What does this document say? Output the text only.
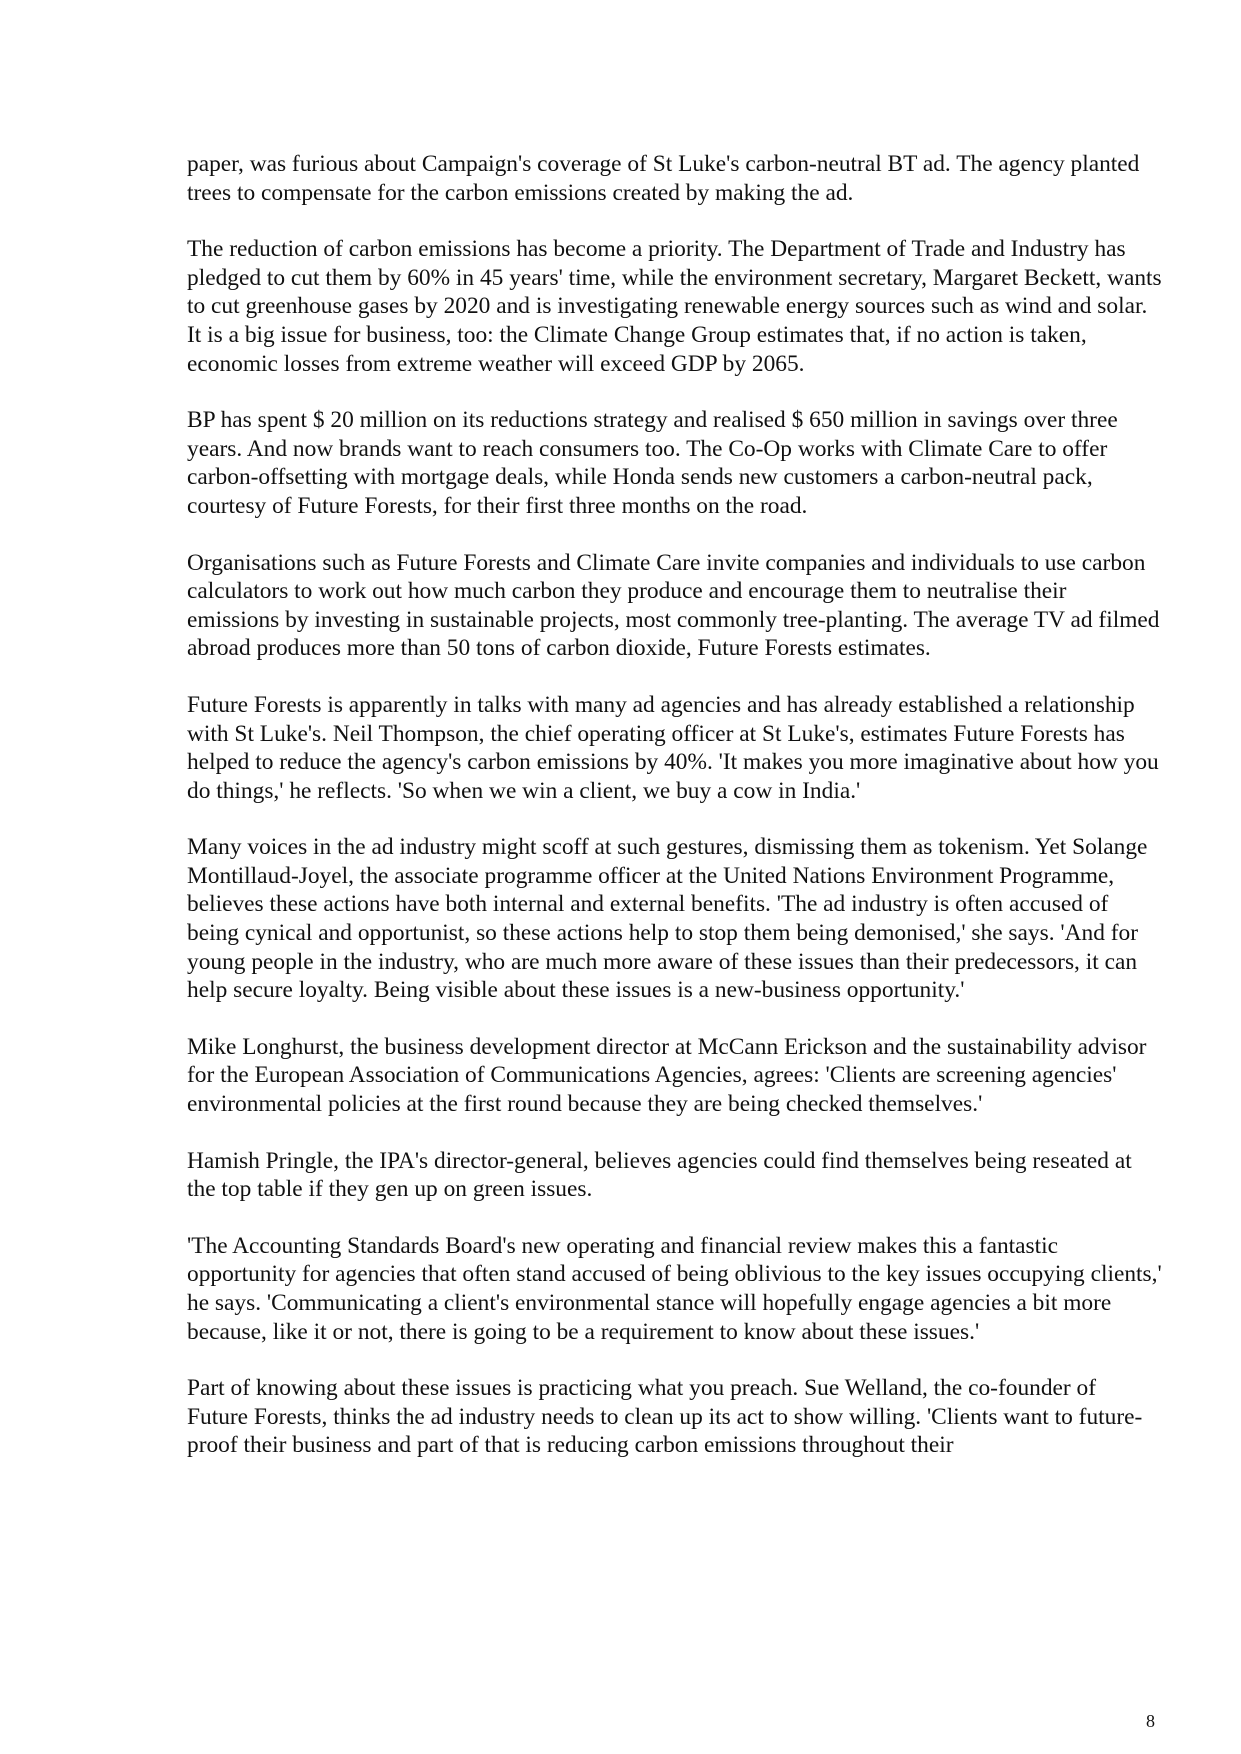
paper, was furious about Campaign's coverage of St Luke's carbon-neutral BT ad. The agency planted trees to compensate for the carbon emissions created by making the ad.

The reduction of carbon emissions has become a priority. The Department of Trade and Industry has pledged to cut them by 60% in 45 years' time, while the environment secretary, Margaret Beckett, wants to cut greenhouse gases by 2020 and is investigating renewable energy sources such as wind and solar. It is a big issue for business, too: the Climate Change Group estimates that, if no action is taken, economic losses from extreme weather will exceed GDP by 2065.

BP has spent $ 20 million on its reductions strategy and realised $ 650 million in savings over three years. And now brands want to reach consumers too. The Co-Op works with Climate Care to offer carbon-offsetting with mortgage deals, while Honda sends new customers a carbon-neutral pack, courtesy of Future Forests, for their first three months on the road.

Organisations such as Future Forests and Climate Care invite companies and individuals to use carbon calculators to work out how much carbon they produce and encourage them to neutralise their emissions by investing in sustainable projects, most commonly tree-planting. The average TV ad filmed abroad produces more than 50 tons of carbon dioxide, Future Forests estimates.

Future Forests is apparently in talks with many ad agencies and has already established a relationship with St Luke's. Neil Thompson, the chief operating officer at St Luke's, estimates Future Forests has helped to reduce the agency's carbon emissions by 40%. 'It makes you more imaginative about how you do things,' he reflects. 'So when we win a client, we buy a cow in India.'

Many voices in the ad industry might scoff at such gestures, dismissing them as tokenism. Yet Solange Montillaud-Joyel, the associate programme officer at the United Nations Environment Programme, believes these actions have both internal and external benefits. 'The ad industry is often accused of being cynical and opportunist, so these actions help to stop them being demonised,' she says. 'And for young people in the industry, who are much more aware of these issues than their predecessors, it can help secure loyalty. Being visible about these issues is a new-business opportunity.'

Mike Longhurst, the business development director at McCann Erickson and the sustainability advisor for the European Association of Communications Agencies, agrees: 'Clients are screening agencies' environmental policies at the first round because they are being checked themselves.'

Hamish Pringle, the IPA's director-general, believes agencies could find themselves being reseated at the top table if they gen up on green issues.

'The Accounting Standards Board's new operating and financial review makes this a fantastic opportunity for agencies that often stand accused of being oblivious to the key issues occupying clients,' he says. 'Communicating a client's environmental stance will hopefully engage agencies a bit more because, like it or not, there is going to be a requirement to know about these issues.'

Part of knowing about these issues is practicing what you preach. Sue Welland, the co-founder of Future Forests, thinks the ad industry needs to clean up its act to show willing. 'Clients want to future-proof their business and part of that is reducing carbon emissions throughout their

8
